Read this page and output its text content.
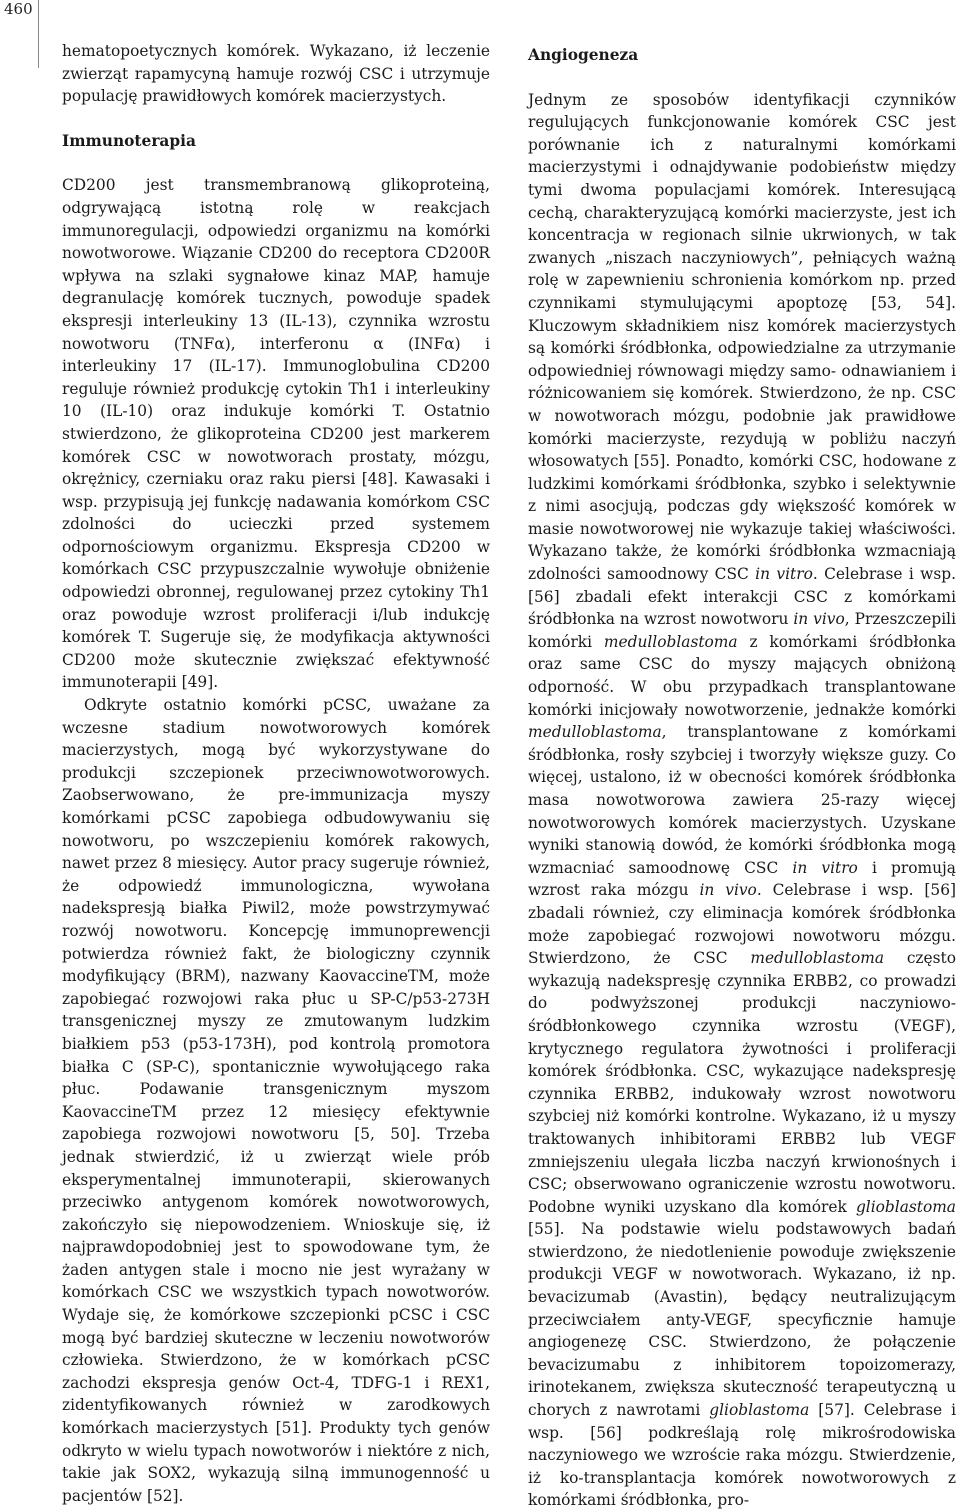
460

hematopoetycznych komórek. Wykazano, iż leczenie zwierząt rapamycyną hamuje rozwój CSC i utrzymuje populację prawidłowych komórek macierzystych.

Immunoterapia

CD200 jest transmembranową glikoproteiną, odgrywającą istotną rolę w reakcjach immunoregulacji, odpowiedzi organizmu na komórki nowotworowe. Wiązanie CD200 do receptora CD200R wpływa na szlaki sygnałowe kinaz MAP, hamuje degranulację komórek tucznych, powoduje spadek ekspresji interleukiny 13 (IL-13), czynnika wzrostu nowotworu (TNFα), interferonu α (INFα) i interleukiny 17 (IL-17). Immunoglobulina CD200 reguluje również produkcję cytokin Th1 i interleukiny 10 (IL-10) oraz indukuje komórki T. Ostatnio stwierdzono, że glikoproteina CD200 jest markerem komórek CSC w nowotworach prostaty, mózgu, okrężnicy, czerniaku oraz raku piersi [48]. Kawasaki i wsp. przypisują jej funkcję nadawania komórkom CSC zdolności do ucieczki przed systemem odpornościowym organizmu. Ekspresja CD200 w komórkach CSC przypuszczalnie wywołuje obniżenie odpowiedzi obronnej, regulowanej przez cytokiny Th1 oraz powoduje wzrost proliferacji i/lub indukcję komórek T. Sugeruje się, że modyfikacja aktywności CD200 może skutecznie zwiększać efektywność immunoterapii [49].

Odkryte ostatnio komórki pCSC, uważane za wczesne stadium nowotworowych komórek macierzystych, mogą być wykorzystywane do produkcji szczepionek przeciwnowotworowych. Zaobserwowano, że pre-immunizacja myszy komórkami pCSC zapobiega odbudowywaniu się nowotworu, po wszczepieniu komórek rakowych, nawet przez 8 miesięcy. Autor pracy sugeruje również, że odpowiedź immunologiczna, wywołana nadekspresją białka Piwil2, może powstrzymywać rozwój nowotworu. Koncepcję immunoprewencji potwierdza również fakt, że biologiczny czynnik modyfikujący (BRM), nazwany KaovaccineTM, może zapobiegać rozwojowi raka płuc u SP-C/p53-273H transgenicznej myszy ze zmutowanym ludzkim białkiem p53 (p53-173H), pod kontrolą promotora białka C (SP-C), spontanicznie wywołującego raka płuc. Podawanie transgenicznym myszom KaovaccineTM przez 12 miesięcy efektywnie zapobiega rozwojowi nowotworu [5, 50]. Trzeba jednak stwierdzić, iż u zwierząt wiele prób eksperymentalnej immunoterapii, skierowanych przeciwko antygenom komórek nowotworowych, zakończyło się niepowodzeniem. Wnioskuje się, iż najprawdopodobniej jest to spowodowane tym, że żaden antygen stale i mocno nie jest wyrażany w komórkach CSC we wszystkich typach nowotworów. Wydaje się, że komórkowe szczepionki pCSC i CSC mogą być bardziej skuteczne w leczeniu nowotworów człowieka. Stwierdzono, że w komórkach pCSC zachodzi ekspresja genów Oct-4, TDFG-1 i REX1, zidentyfikowanych również w zarodkowych komórkach macierzystych [51]. Produkty tych genów odkryto w wielu typach nowotworów i niektóre z nich, takie jak SOX2, wykazują silną immunogenność u pacjentów [52].

Angiogeneza

Jednym ze sposobów identyfikacji czynników regulujących funkcjonowanie komórek CSC jest porównanie ich z naturalnymi komórkami macierzystymi i odnajdywanie podobieństw między tymi dwoma populacjami komórek. Interesującą cechą, charakteryzującą komórki macierzyste, jest ich koncentracja w regionach silnie ukrwionych, w tak zwanych „niszach naczyniowych”, pełniących ważną rolę w zapewnieniu schronienia komórkom np. przed czynnikami stymulującymi apoptozę [53, 54]. Kluczowym składnikiem nisz komórek macierzystych są komórki śródbłonka, odpowiedzialne za utrzymanie odpowiedniej równowagi między samo- odnawianiem i różnicowaniem się komórek. Stwierdzono, że np. CSC w nowotworach mózgu, podobnie jak prawidłowe komórki macierzyste, rezydują w pobliżu naczyń włosowatych [55]. Ponadto, komórki CSC, hodowane z ludzkimi komórkami śródbłonka, szybko i selektywnie z nimi asocjują, podczas gdy większość komórek w masie nowotworowej nie wykazuje takiej właściwości. Wykazano także, że komórki śródbłonka wzmacniają zdolności samoodnowy CSC in vitro. Celebrase i wsp. [56] zbadali efekt interakcji CSC z komórkami śródbłonka na wzrost nowotworu in vivo, Przeszczepili komórki medulloblastoma z komórkami śródbłonka oraz same CSC do myszy mających obniżoną odporność. W obu przypadkach transplantowane komórki inicjowały nowotworzenie, jednakże komórki medulloblastoma, transplantowane z komórkami śródbłonka, rosły szybciej i tworzyły większe guzy. Co więcej, ustalono, iż w obecności komórek śródbłonka masa nowotworowa zawiera 25-razy więcej nowotworowych komórek macierzystych. Uzyskane wyniki stanowią dowód, że komórki śródbłonka mogą wzmacniać samoodnowę CSC in vitro i promują wzrost raka mózgu in vivo. Celebrase i wsp. [56] zbadali również, czy eliminacja komórek śródbłonka może zapobiegać rozwojowi nowotworu mózgu. Stwierdzono, że CSC medulloblastoma często wykazują nadekspresję czynnika ERBB2, co prowadzi do podwyższonej produkcji naczyniowo-śródbłonkowego czynnika wzrostu (VEGF), krytycznego regulatora żywotności i proliferacji komórek śródbłonka. CSC, wykazujące nadekspresję czynnika ERBB2, indukowały wzrost nowotworu szybciej niż komórki kontrolne. Wykazano, iż u myszy traktowanych inhibitorami ERBB2 lub VEGF zmniejszeniu ulegała liczba naczyń krwionośnych i CSC; obserwowano ograniczenie wzrostu nowotworu. Podobne wyniki uzyskano dla komórek glioblastoma [55]. Na podstawie wielu podstawowych badań stwierdzono, że niedotlenienie powoduje zwiększenie produkcji VEGF w nowotworach. Wykazano, iż np. bevacizumab (Avastin), będący neutralizującym przeciwciałem anty-VEGF, specyficznie hamuje angiogenezę CSC. Stwierdzono, że połączenie bevacizumabu z inhibitorem topoizomerazy, irinotekanem, zwiększa skuteczność terapeutyczną u chorych z nawrotami glioblastoma [57]. Celebrase i wsp. [56] podkreślają rolę mikrośrodowiska naczyniowego we wzroście raka mózgu. Stwierdzenie, iż ko-transplantacja komórek nowotworowych z komórkami śródbłonka, pro-
